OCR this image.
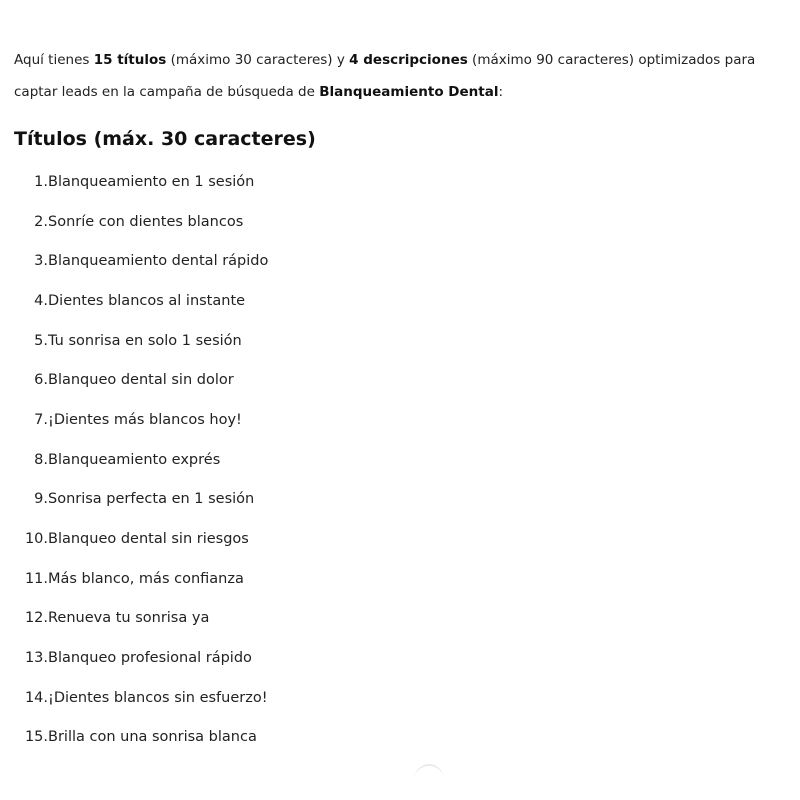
Aquí tienes 15 títulos (máximo 30 caracteres) y 4 descripciones (máximo 90 caracteres) optimizados para captar leads en la campaña de búsqueda de Blanqueamiento Dental:

Títulos (máx. 30 caracteres)
1. Blanqueamiento en 1 sesión
2. Sonríe con dientes blancos
3. Blanqueamiento dental rápido
4. Dientes blancos al instante
5. Tu sonrisa en solo 1 sesión
6. Blanqueo dental sin dolor
7. ¡Dientes más blancos hoy!
8. Blanqueamiento exprés
9. Sonrisa perfecta en 1 sesión
10. Blanqueo dental sin riesgos
11. Más blanco, más confianza
12. Renueva tu sonrisa ya
13. Blanqueo profesional rápido
14. ¡Dientes blancos sin esfuerzo!
15. Brilla con una sonrisa blanca
